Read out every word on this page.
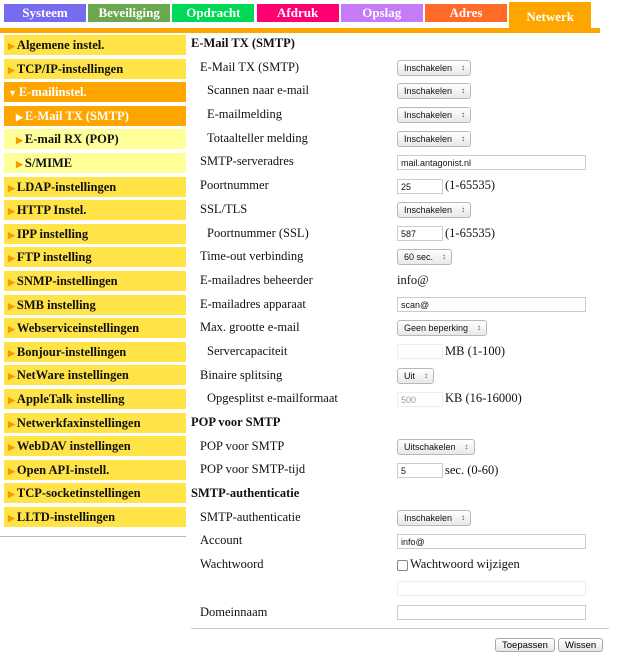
Systeem	Beveiliging	Opdracht	Afdruk	Opslag	Adres	Netwerk
▶ Algemene instel.
▶ TCP/IP-instellingen
▼ E-mailinstel.
▶ E-Mail TX (SMTP)
▶ E-mail RX (POP)
▶ S/MIME
▶ LDAP-instellingen
▶ HTTP Instel.
▶ IPP instelling
▶ FTP instelling
▶ SNMP-instellingen
▶ SMB instelling
▶ Webserviceinstellingen
▶ Bonjour-instellingen
▶ NetWare instellingen
▶ AppleTalk instelling
▶ Netwerkfaxinstellingen
▶ WebDAV instellingen
▶ Open API-instell.
▶ TCP-socketinstellingen
▶ LLTD-instellingen
E-Mail TX (SMTP)
E-Mail TX (SMTP)	Inschakelen ↕
Scannen naar e-mail	Inschakelen ↕
E-mailmelding	Inschakelen ↕
Totaalteller melding	Inschakelen ↕
SMTP-serveradres	mail.antagonist.nl
Poortnummer	25	(1-65535)
SSL/TLS	Inschakelen ↕
Poortnummer (SSL)	587	(1-65535)
Time-out verbinding	60 sec. ↕
E-mailadres beheerder	info@
E-mailadres apparaat	scan@
Max. grootte e-mail	Geen beperking ↕
Servercapaciteit	MB (1-100)
Binaire splitsing	Uit ↕
Opgesplitst e-mailformaat	500	KB (16-16000)
POP voor SMTP
POP voor SMTP	Uitschakelen ↕
POP voor SMTP-tijd	5	sec. (0-60)
SMTP-authenticatie
SMTP-authenticatie	Inschakelen ↕
Account	info@
Wachtwoord	Wachtwoord wijzigen
Domeinnaam
Toepassen	Wissen
